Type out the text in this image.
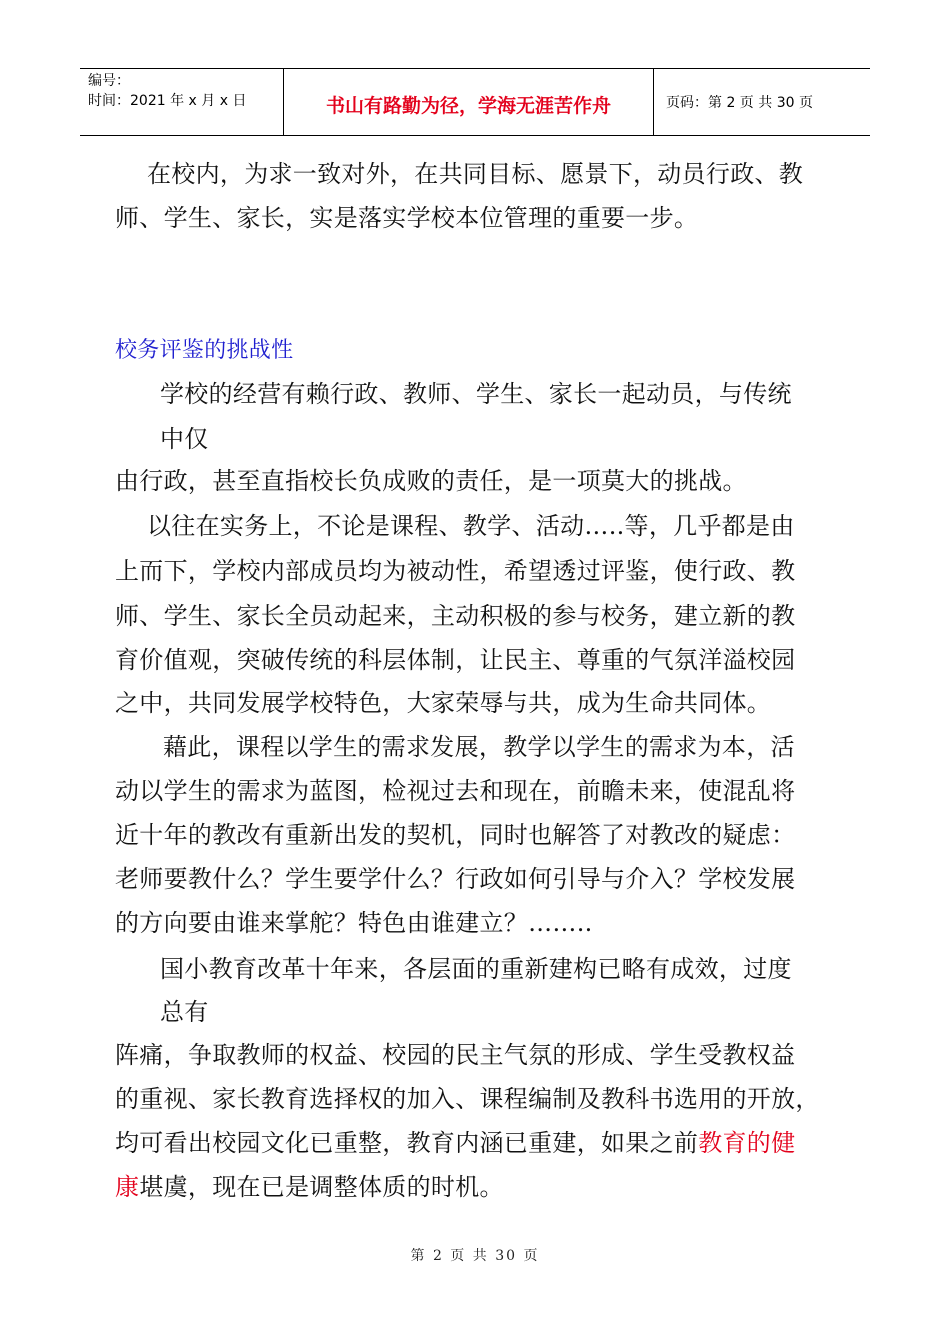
编号：
时间：2021 年 x 月 x 日	书山有路勤为径，学海无涯苦作舟	页码：第 2 页 共 30 页
在校内，为求一致对外，在共同目标、愿景下，动员行政、教
师、学生、家长，实是落实学校本位管理的重要一步。
校务评鉴的挑战性
学校的经营有赖行政、教师、学生、家长一起动员，与传统
中仅
由行政，甚至直指校长负成败的责任，是一项莫大的挑战。
以往在实务上，不论是课程、教学、活动…..等，几乎都是由
上而下，学校内部成员均为被动性，希望透过评鉴，使行政、教
师、学生、家长全员动起来，主动积极的参与校务，建立新的教
育价值观，突破传统的科层体制，让民主、尊重的气氛洋溢校园
之中，共同发展学校特色，大家荣辱与共，成为生命共同体。
藉此，课程以学生的需求发展，教学以学生的需求为本，活
动以学生的需求为蓝图，检视过去和现在，前瞻未来，使混乱将
近十年的教改有重新出发的契机，同时也解答了对教改的疑虑：
老师要教什么？学生要学什么？行政如何引导与介入？学校发展
的方向要由谁来掌舵？特色由谁建立？……..
国小教育改革十年来，各层面的重新建构已略有成效，过度
总有
阵痛，争取教师的权益、校园的民主气氛的形成、学生受教权益
的重视、家长教育选择权的加入、课程编制及教科书选用的开放，
均可看出校园文化已重整，教育内涵已重建，如果之前教育的健
康堪虞，现在已是调整体质的时机。
第 2 页 共 30 页
